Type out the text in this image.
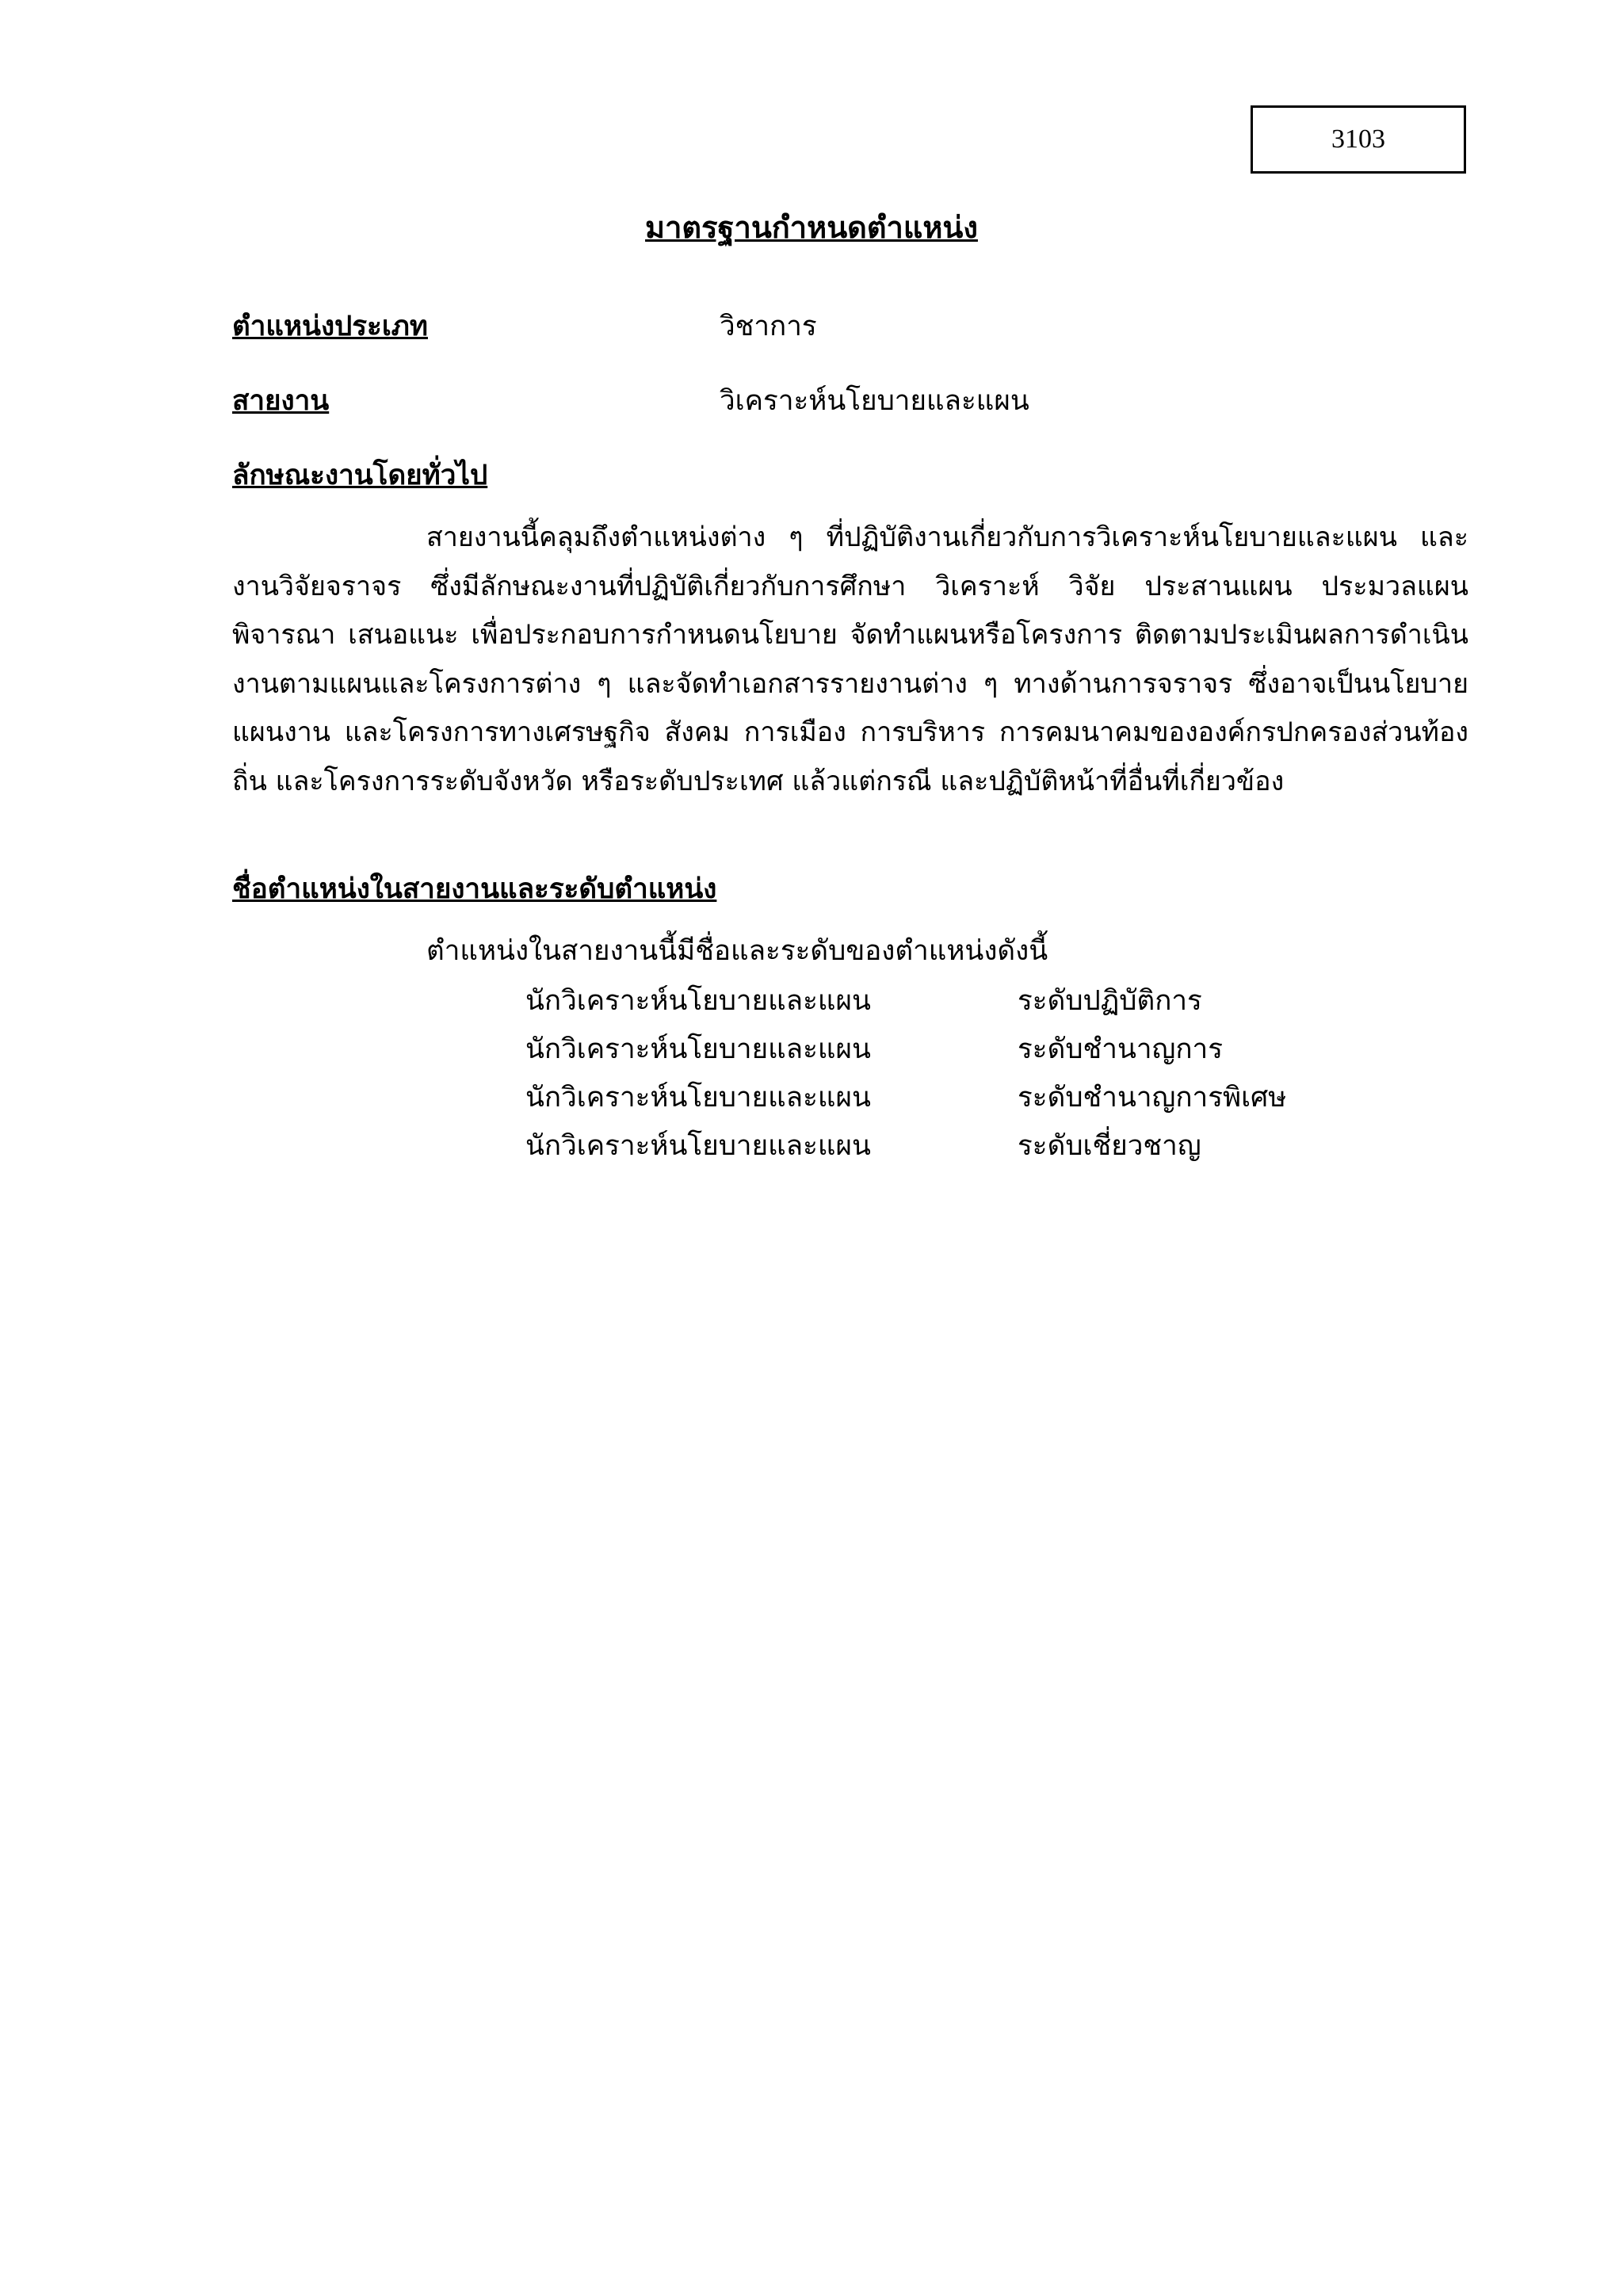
3103
มาตรฐานกำหนดตำแหน่ง
ตำแหน่งประเภท	วิชาการ
สายงาน	วิเคราะห์นโยบายและแผน
ลักษณะงานโดยทั่วไป

สายงานนี้คลุมถึงตำแหน่งต่าง ๆ ที่ปฏิบัติงานเกี่ยวกับการวิเคราะห์นโยบายและแผน และงานวิจัยจราจร ซึ่งมีลักษณะงานที่ปฏิบัติเกี่ยวกับการศึกษา วิเคราะห์ วิจัย ประสานแผน ประมวลแผน พิจารณา เสนอแนะ เพื่อประกอบการกำหนดนโยบาย จัดทำแผนหรือโครงการ ติดตามประเมินผลการดำเนินงานตามแผนและโครงการต่าง ๆ และจัดทำเอกสารรายงานต่าง ๆ ทางด้านการจราจร ซึ่งอาจเป็นนโยบาย แผนงาน และโครงการทางเศรษฐกิจ สังคม การเมือง การบริหาร การคมนาคมขององค์กรปกครองส่วนท้องถิ่น และโครงการระดับจังหวัด หรือระดับประเทศ แล้วแต่กรณี และปฏิบัติหน้าที่อื่นที่เกี่ยวข้อง

ชื่อตำแหน่งในสายงานและระดับตำแหน่ง
ตำแหน่งในสายงานนี้มีชื่อและระดับของตำแหน่งดังนี้
นักวิเคราะห์นโยบายและแผน	ระดับปฏิบัติการ
นักวิเคราะห์นโยบายและแผน	ระดับชำนาญการ
นักวิเคราะห์นโยบายและแผน	ระดับชำนาญการพิเศษ
นักวิเคราะห์นโยบายและแผน	ระดับเชี่ยวชาญ
